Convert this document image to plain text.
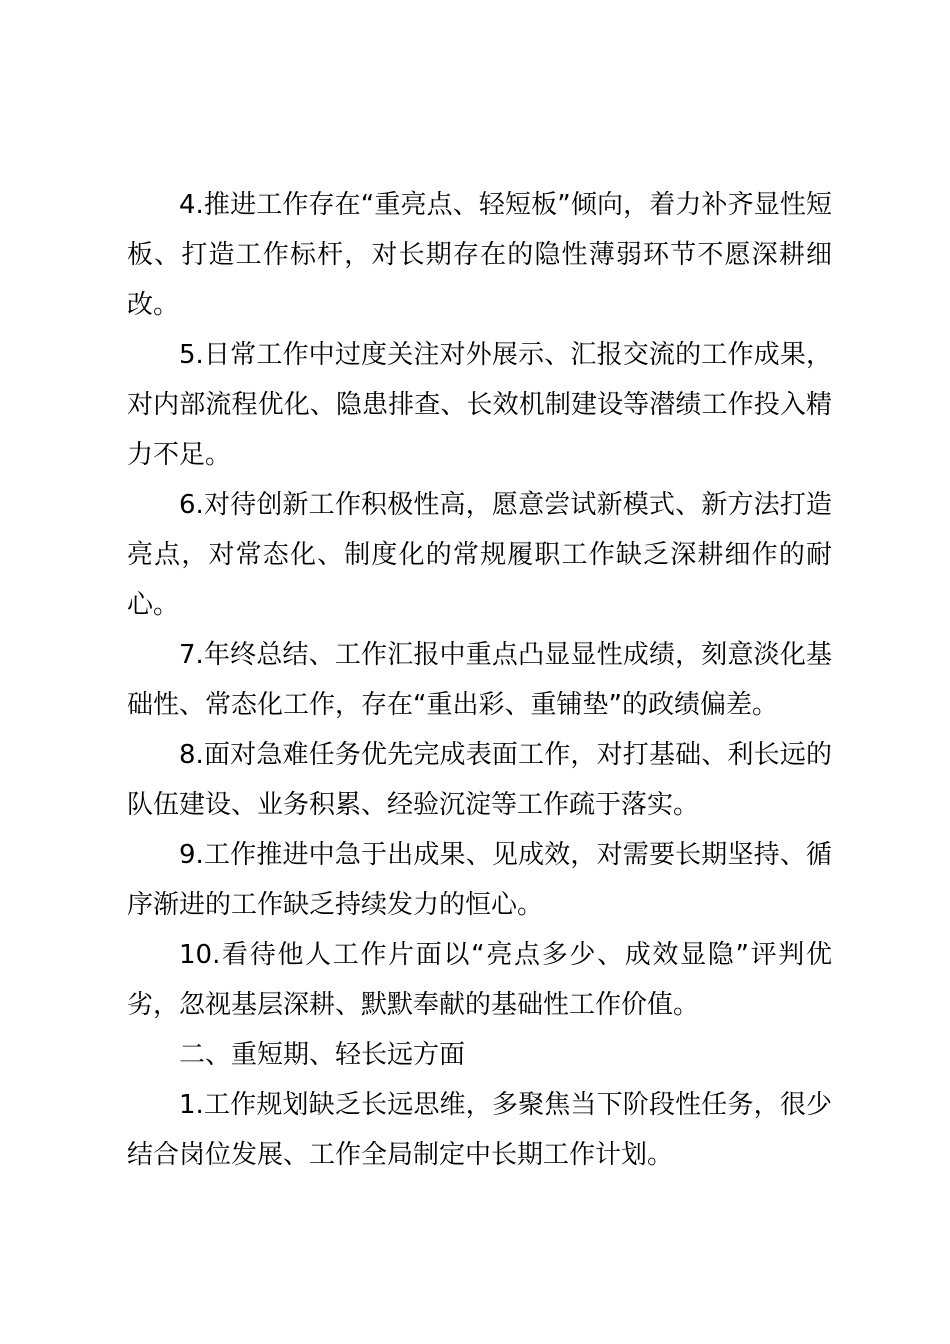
4.推进工作存在“重亮点、轻短板”倾向，着力补齐显性短板、打造工作标杆，对长期存在的隐性薄弱环节不愿深耕细改。

5.日常工作中过度关注对外展示、汇报交流的工作成果，对内部流程优化、隐患排查、长效机制建设等潜绩工作投入精力不足。

6.对待创新工作积极性高，愿意尝试新模式、新方法打造亮点，对常态化、制度化的常规履职工作缺乏深耕细作的耐心。

7.年终总结、工作汇报中重点凸显显性成绩，刻意淡化基础性、常态化工作，存在“重出彩、重铺垫”的政绩偏差。

8.面对急难任务优先完成表面工作，对打基础、利长远的队伍建设、业务积累、经验沉淀等工作疏于落实。

9.工作推进中急于出成果、见成效，对需要长期坚持、循序渐进的工作缺乏持续发力的恒心。

10.看待他人工作片面以“亮点多少、成效显隐”评判优劣，忽视基层深耕、默默奉献的基础性工作价值。

二、重短期、轻长远方面

1.工作规划缺乏长远思维，多聚焦当下阶段性任务，很少结合岗位发展、工作全局制定中长期工作计划。
